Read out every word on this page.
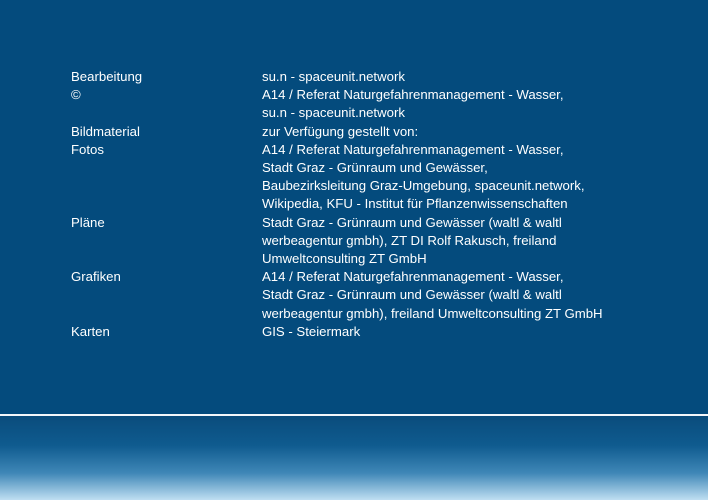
Bearbeitung	su.n - spaceunit.network
©	A14 / Referat Naturgefahrenmanagement - Wasser,
su.n - spaceunit.network
Bildmaterial	zur Verfügung gestellt von:
Fotos	A14 / Referat Naturgefahrenmanagement - Wasser,
Stadt Graz - Grünraum und Gewässer,
Baubezirksleitung Graz-Umgebung, spaceunit.network,
Wikipedia, KFU - Institut für Pflanzenwissenschaften
Pläne	Stadt Graz - Grünraum und Gewässer (waltl & waltl
werbeagentur gmbh), ZT DI Rolf Rakusch, freiland
Umweltconsulting ZT GmbH
Grafiken	A14 / Referat Naturgefahrenmanagement - Wasser,
Stadt Graz - Grünraum und Gewässer (waltl & waltl
werbeagentur gmbh), freiland Umweltconsulting ZT GmbH
Karten	GIS - Steiermark
